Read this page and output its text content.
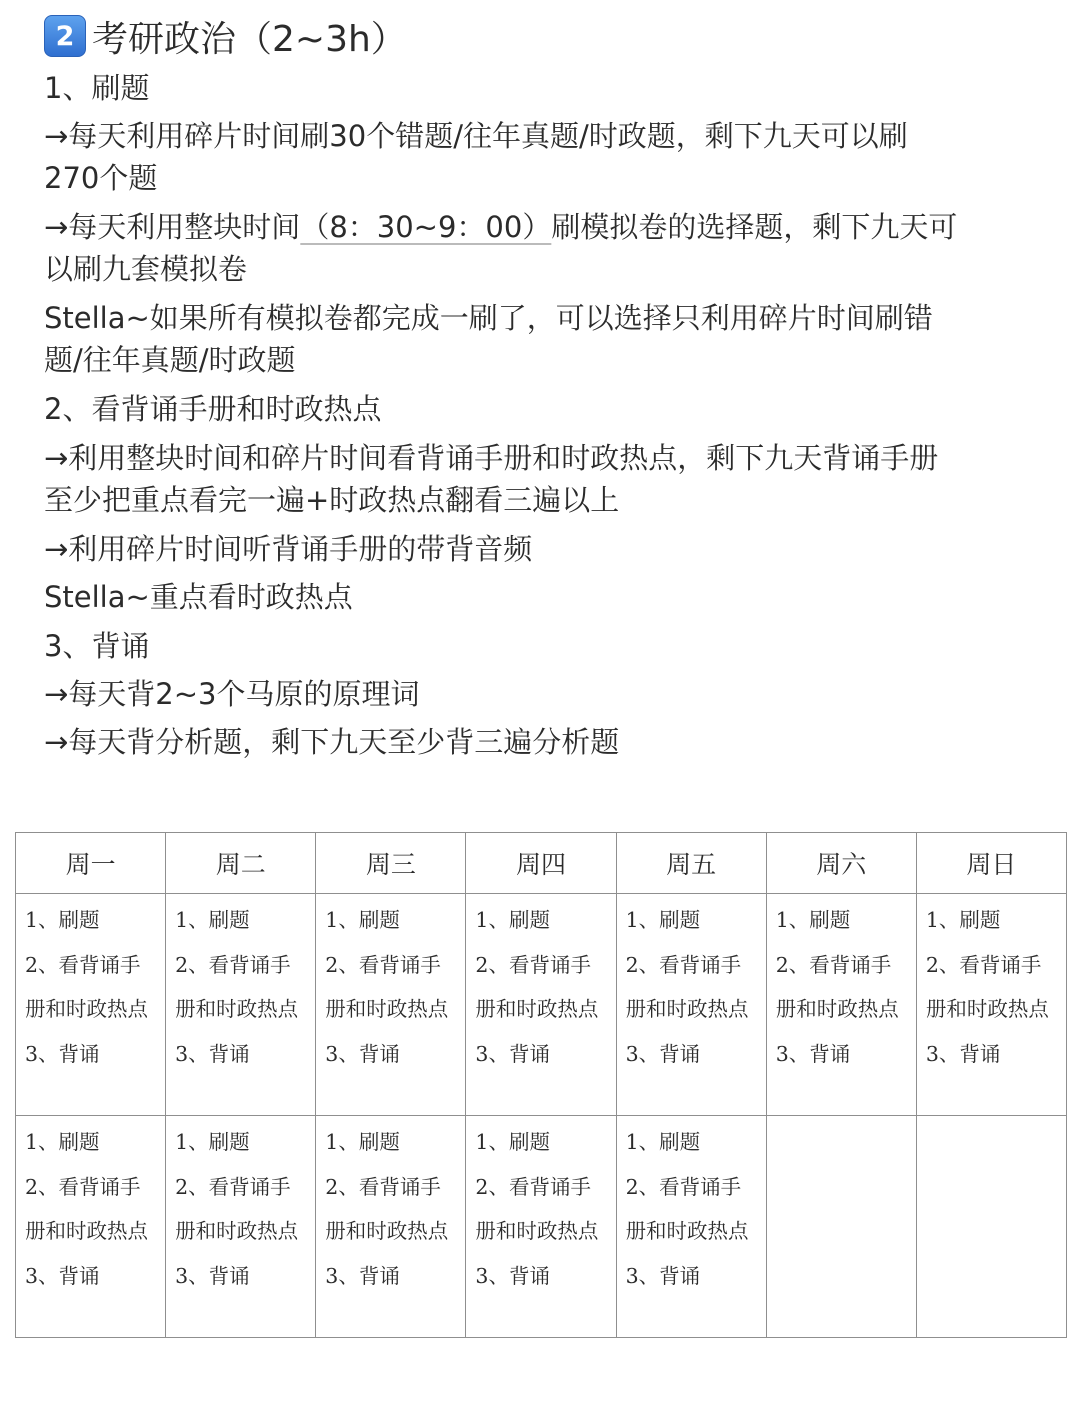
2 考研政治（2~3h）
1、刷题
→每天利用碎片时间刷30个错题/往年真题/时政题，剩下九天可以刷
270个题
→每天利用整块时间（8：30~9：00）刷模拟卷的选择题，剩下九天可
以刷九套模拟卷
Stella~如果所有模拟卷都完成一刷了，可以选择只利用碎片时间刷错
题/往年真题/时政题
2、看背诵手册和时政热点
→利用整块时间和碎片时间看背诵手册和时政热点，剩下九天背诵手册
至少把重点看完一遍+时政热点翻看三遍以上
→利用碎片时间听背诵手册的带背音频
Stella~重点看时政热点
3、背诵
→每天背2~3个马原的原理词
→每天背分析题，剩下九天至少背三遍分析题
周一	周二	周三	周四	周五	周六	周日

1、刷题
2、看背诵手册和时政热点
3、背诵	1、刷题
2、看背诵手册和时政热点
3、背诵	1、刷题
2、看背诵手册和时政热点
3、背诵	1、刷题
2、看背诵手册和时政热点
3、背诵	1、刷题
2、看背诵手册和时政热点
3、背诵	1、刷题
2、看背诵手册和时政热点
3、背诵	1、刷题
2、看背诵手册和时政热点
3、背诵

1、刷题
2、看背诵手册和时政热点
3、背诵	1、刷题
2、看背诵手册和时政热点
3、背诵	1、刷题
2、看背诵手册和时政热点
3、背诵	1、刷题
2、看背诵手册和时政热点
3、背诵	1、刷题
2、看背诵手册和时政热点
3、背诵		
